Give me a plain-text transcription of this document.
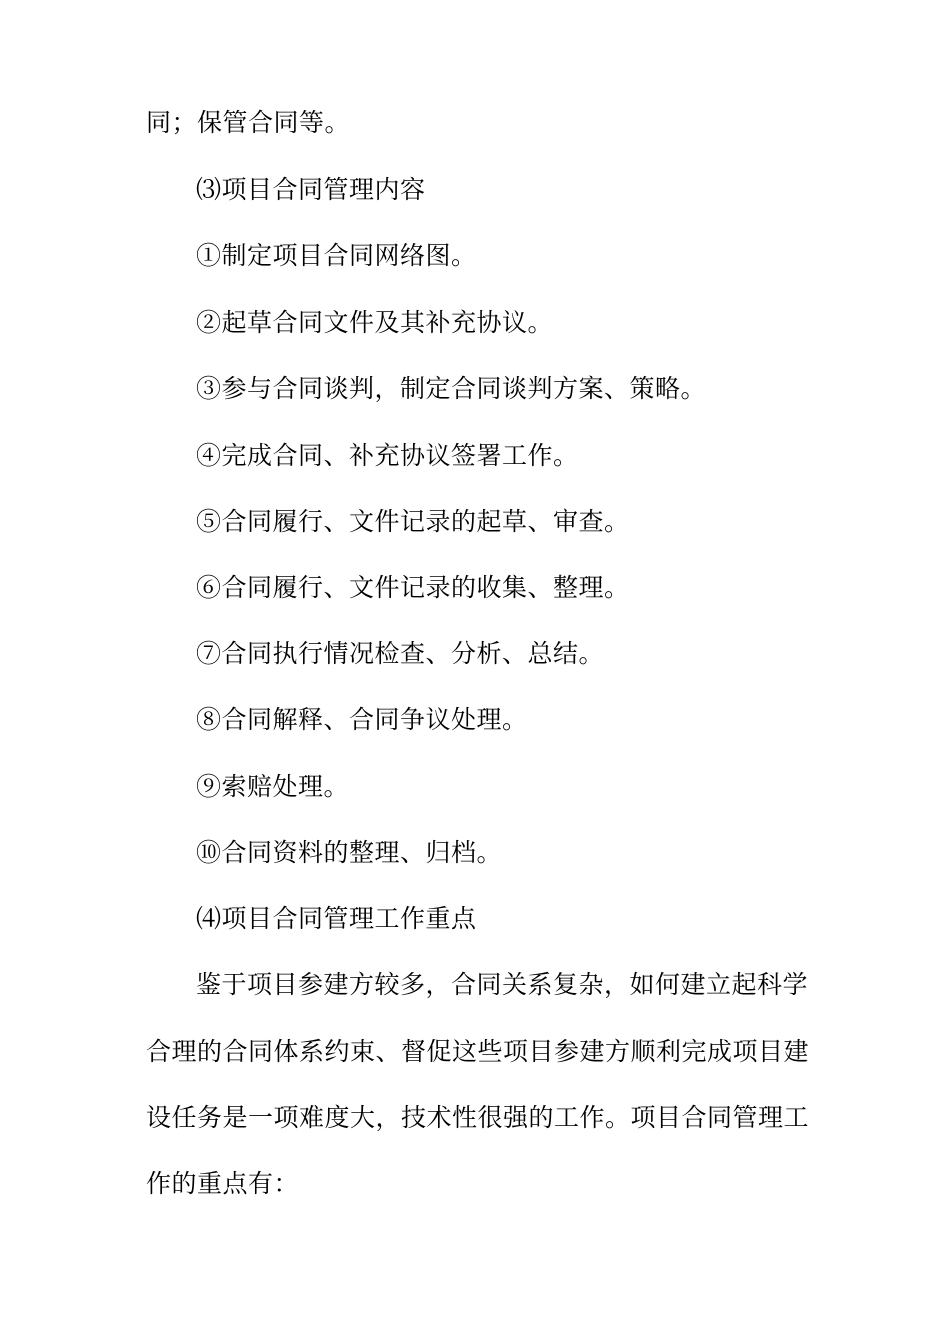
同；保管合同等。
⑶项目合同管理内容
①制定项目合同网络图。
②起草合同文件及其补充协议。
③参与合同谈判，制定合同谈判方案、策略。
④完成合同、补充协议签署工作。
⑤合同履行、文件记录的起草、审查。
⑥合同履行、文件记录的收集、整理。
⑦合同执行情况检查、分析、总结。
⑧合同解释、合同争议处理。
⑨索赔处理。
⑩合同资料的整理、归档。
⑷项目合同管理工作重点
鉴于项目参建方较多，合同关系复杂，如何建立起科学
合理的合同体系约束、督促这些项目参建方顺利完成项目建
设任务是一项难度大，技术性很强的工作。项目合同管理工
作的重点有：
